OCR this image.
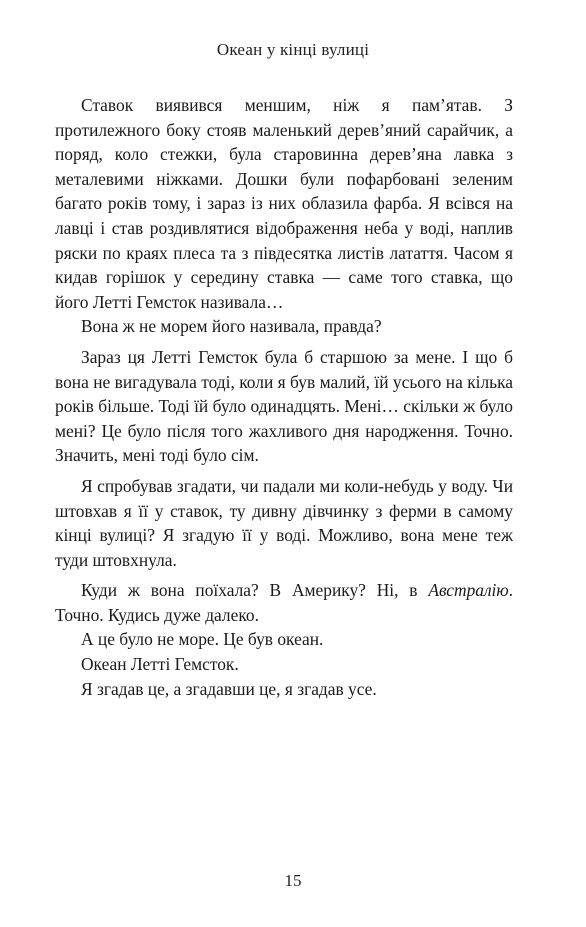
Океан у кінці вулиці

Ставок виявився меншим, ніж я пам’ятав. З протилежного боку стояв маленький дерев’яний сарайчик, а поряд, коло стежки, була старовинна дерев’яна лавка з металевими ніжками. Дошки були пофарбовані зеленим багато років тому, і зараз із них облазила фарба. Я всівся на лавці і став роздивлятися відображення неба у воді, наплив ряски по краях плеса та з півдесятка листів латаття. Часом я кидав горішок у середину ставка — саме того ставка, що його Летті Гемсток називала…

Вона ж не морем його називала, правда?

Зараз ця Летті Гемсток була б старшою за мене. І що б вона не вигадувала тоді, коли я був малий, їй усього на кілька років більше. Тоді їй було одинадцять. Мені… скільки ж було мені? Це було після того жахливого дня народження. Точно. Значить, мені тоді було сім.

Я спробував згадати, чи падали ми коли-небудь у воду. Чи штовхав я її у ставок, ту дивну дівчинку з ферми в самому кінці вулиці? Я згадую її у воді. Можливо, вона мене теж туди штовхнула.

Куди ж вона поїхала? В Америку? Ні, в Австралію. Точно. Кудись дуже далеко.

А це було не море. Це був океан.

Океан Летті Гемсток.

Я згадав це, а згадавши це, я згадав усе.

15
